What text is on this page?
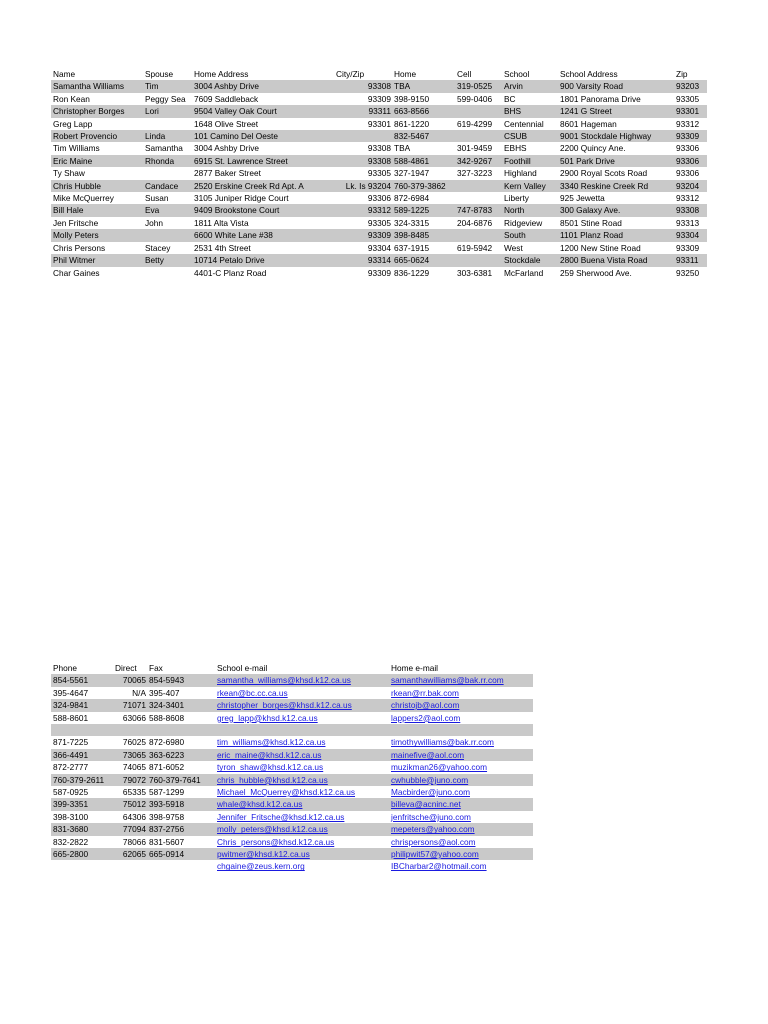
Name	Spouse	Home Address	City/Zip	Home	Cell	School	School Address	Zip
Samantha Williams	Tim	3004 Ashby Drive	93308	TBA	319-0525	Arvin	900 Varsity Road	93203
Ron Kean	Peggy Sea	7609 Saddleback	93309	398-9150	599-0406	BC	1801 Panorama Drive	93305
Christopher Borges	Lori	9504 Valley Oak Court	93311	663-8566		BHS	1241 G Street	93301
Greg Lapp		1648 Olive Street	93301	861-1220	619-4299	Centennial	8601 Hageman	93312
Robert Provencio	Linda	101 Camino Del Oeste		832-5467		CSUB	9001 Stockdale Highway	93309
Tim Williams	Samantha	3004 Ashby Drive	93308	TBA	301-9459	EBHS	2200 Quincy Ane.	93306
Eric Maine	Rhonda	6915 St. Lawrence Street	93308	588-4861	342-9267	Foothill	501 Park Drive	93306
Ty Shaw		2877 Baker Street	93305	327-1947	327-3223	Highland	2900 Royal Scots Road	93306
Chris Hubble	Candace	2520 Erskine Creek Rd Apt. A	Lk. Is 93204	760-379-3862		Kern Valley	3340 Reskine Creek Rd	93204
Mike McQuerrey	Susan	3105 Juniper Ridge Court	93306	872-6984		Liberty	925 Jewetta	93312
Bill Hale	Eva	9409 Brookstone Court	93312	589-1225	747-8783	North	300 Galaxy Ave.	93308
Jen Fritsche	John	1811 Alta Vista	93305	324-3315	204-6876	Ridgeview	8501 Stine Road	93313
Molly Peters		6600 White Lane #38	93309	398-8485		South	1101 Planz Road	93304
Chris Persons	Stacey	2531 4th Street	93304	637-1915	619-5942	West	1200 New Stine Road	93309
Phil Witmer	Betty	10714 Petalo Drive	93314	665-0624		Stockdale	2800 Buena Vista Road	93311
Char Gaines		4401-C Planz Road	93309	836-1229	303-6381	McFarland	259 Sherwood Ave.	93250
Phone	Direct	Fax	School e-mail	Home e-mail
854-5561	70065	854-5943	samantha_williams@khsd.k12.ca.us	samanthawilliams@bak.rr.com
395-4647	N/A	395-407	rkean@bc.cc.ca.us	rkean@rr.bak.com
324-9841	71071	324-3401	christopher_borges@khsd.k12.ca.us	christojb@aol.com
588-8601	63066	588-8608	greg_lapp@khsd.k12.ca.us	lappers2@aol.com

871-7225	76025	872-6980	tim_williams@khsd.k12.ca.us	timothywilliams@bak.rr.com
366-4491	73065	363-6223	eric_maine@khsd.k12.ca.us	mainefive@aol.com
872-2777	74065	871-6052	tyron_shaw@khsd.k12.ca.us	muzikman26@yahoo.com
760-379-2611	79072	760-379-7641	chris_hubble@khsd.k12.ca.us	cwhubble@juno.com
587-0925	65335	587-1299	Michael_McQuerrey@khsd.k12.ca.us	Macbirder@juno.com
399-3351	75012	393-5918	whale@khsd.k12.ca.us	billeva@acninc.net
398-3100	64306	398-9758	Jennifer_Fritsche@khsd.k12.ca.us	jenfritsche@juno.com
831-3680	77094	837-2756	molly_peters@khsd.k12.ca.us	mepeters@yahoo.com
832-2822	78066	831-5607	Chris_persons@khsd.k12.ca.us	chrispersons@aol.com
665-2800	62065	665-0914	pwitmer@khsd.k12.ca.us	philipwit57@yahoo.com
			chgaine@zeus.kern.org	IBCharbar2@hotmail.com
